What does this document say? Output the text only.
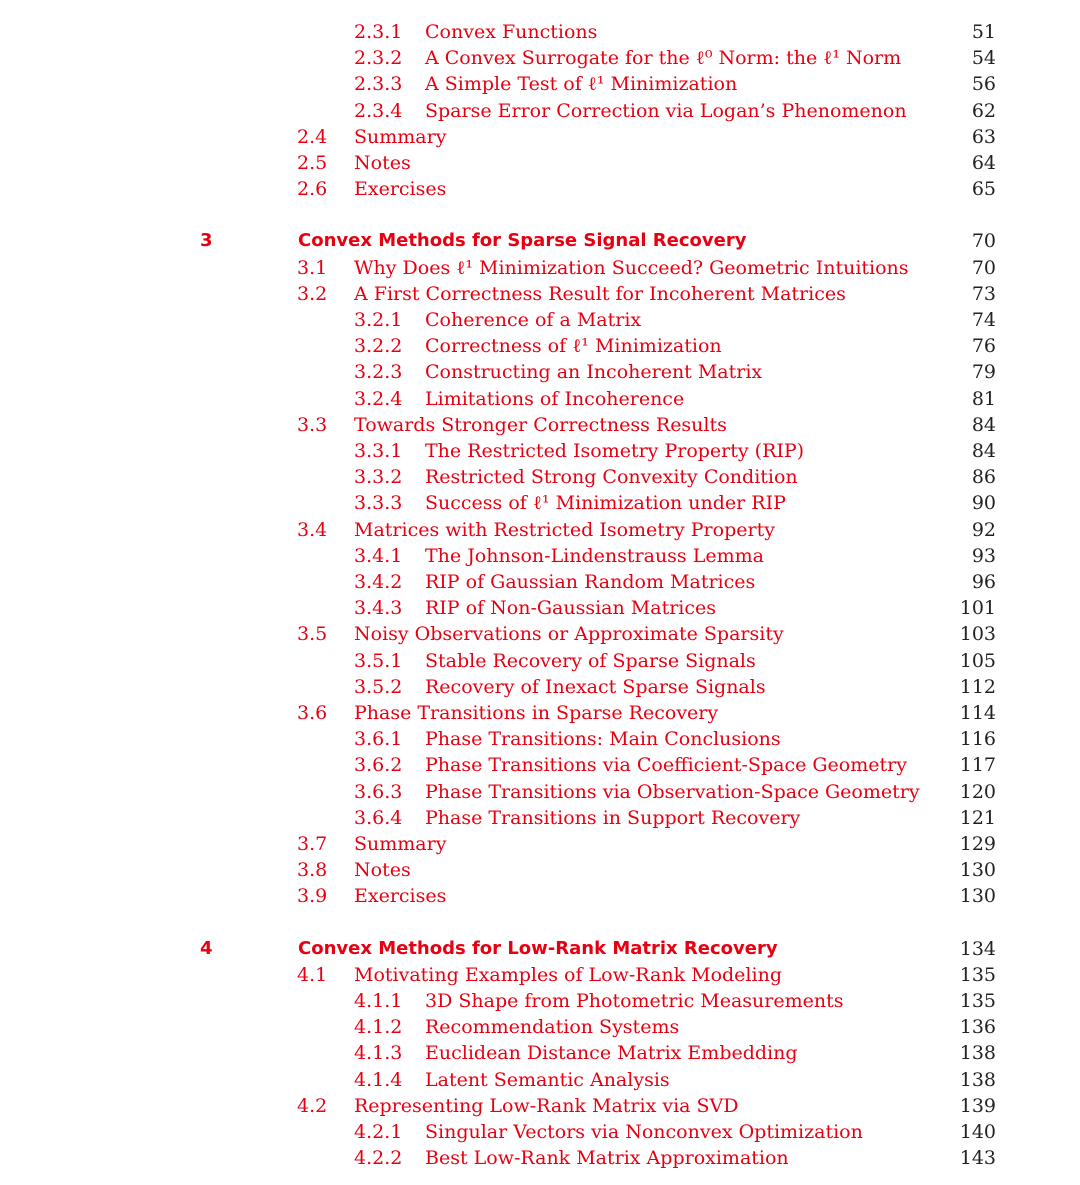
2.3.1 Convex Functions	51
2.3.2 A Convex Surrogate for the ℓ⁰ Norm: the ℓ¹ Norm	54
2.3.3 A Simple Test of ℓ¹ Minimization	56
2.3.4 Sparse Error Correction via Logan’s Phenomenon	62
2.4 Summary	63
2.5 Notes	64
2.6 Exercises	65
3	Convex Methods for Sparse Signal Recovery	70
3.1 Why Does ℓ¹ Minimization Succeed? Geometric Intuitions	70
3.2 A First Correctness Result for Incoherent Matrices	73
3.2.1 Coherence of a Matrix	74
3.2.2 Correctness of ℓ¹ Minimization	76
3.2.3 Constructing an Incoherent Matrix	79
3.2.4 Limitations of Incoherence	81
3.3 Towards Stronger Correctness Results	84
3.3.1 The Restricted Isometry Property (RIP)	84
3.3.2 Restricted Strong Convexity Condition	86
3.3.3 Success of ℓ¹ Minimization under RIP	90
3.4 Matrices with Restricted Isometry Property	92
3.4.1 The Johnson-Lindenstrauss Lemma	93
3.4.2 RIP of Gaussian Random Matrices	96
3.4.3 RIP of Non-Gaussian Matrices	101
3.5 Noisy Observations or Approximate Sparsity	103
3.5.1 Stable Recovery of Sparse Signals	105
3.5.2 Recovery of Inexact Sparse Signals	112
3.6 Phase Transitions in Sparse Recovery	114
3.6.1 Phase Transitions: Main Conclusions	116
3.6.2 Phase Transitions via Coefficient-Space Geometry	117
3.6.3 Phase Transitions via Observation-Space Geometry 120
3.6.4 Phase Transitions in Support Recovery	121
3.7 Summary	129
3.8 Notes	130
3.9 Exercises	130
4	Convex Methods for Low-Rank Matrix Recovery	134
4.1 Motivating Examples of Low-Rank Modeling	135
4.1.1 3D Shape from Photometric Measurements	135
4.1.2 Recommendation Systems	136
4.1.3 Euclidean Distance Matrix Embedding	138
4.1.4 Latent Semantic Analysis	138
4.2 Representing Low-Rank Matrix via SVD	139
4.2.1 Singular Vectors via Nonconvex Optimization	140
4.2.2 Best Low-Rank Matrix Approximation	143
